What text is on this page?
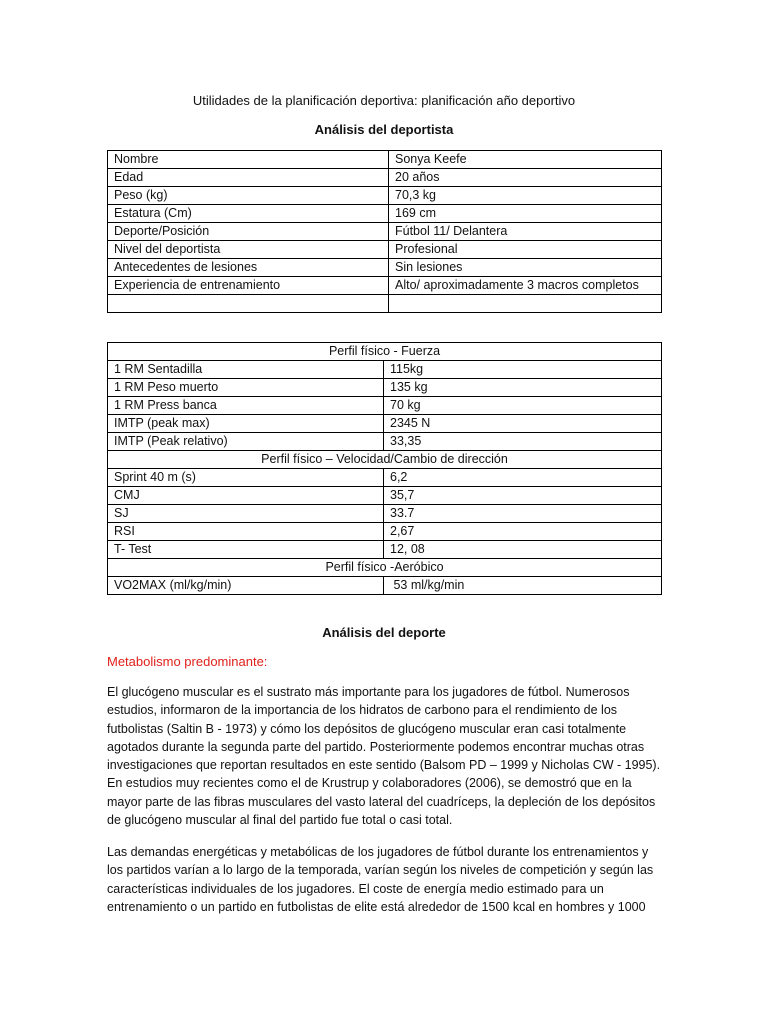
Utilidades de la planificación deportiva: planificación año deportivo
Análisis del deportista
Nombre	Sonya Keefe
Edad	20 años
Peso (kg)	70,3 kg
Estatura (Cm)	169 cm
Deporte/Posición	Fútbol 11/ Delantera
Nivel del deportista	Profesional
Antecedentes de lesiones	Sin lesiones
Experiencia de entrenamiento	Alto/ aproximadamente 3 macros completos

Perfil físico - Fuerza	
1 RM Sentadilla	115kg
1 RM Peso muerto	135 kg
1 RM Press banca	70 kg
IMTP (peak max)	2345 N
IMTP (Peak relativo)	33,35
Perfil físico – Velocidad/Cambio de dirección	
Sprint 40 m (s)	6,2
CMJ	35,7
SJ	33.7
RSI	2,67
T- Test	12, 08
Perfil físico -Aeróbico	
VO2MAX (ml/kg/min)	53 ml/kg/min
Análisis del deporte
Metabolismo predominante:

El glucógeno muscular es el sustrato más importante para los jugadores de fútbol. Numerosos
estudios, informaron de la importancia de los hidratos de carbono para el rendimiento de los
futbolistas (Saltin B - 1973) y cómo los depósitos de glucógeno muscular eran casi totalmente
agotados durante la segunda parte del partido. Posteriormente podemos encontrar muchas otras
investigaciones que reportan resultados en este sentido (Balsom PD – 1999 y Nicholas CW - 1995).
En estudios muy recientes como el de Krustrup y colaboradores (2006), se demostró que en la
mayor parte de las fibras musculares del vasto lateral del cuadríceps, la depleción de los depósitos
de glucógeno muscular al final del partido fue total o casi total.

Las demandas energéticas y metabólicas de los jugadores de fútbol durante los entrenamientos y
los partidos varían a lo largo de la temporada, varían según los niveles de competición y según las
características individuales de los jugadores. El coste de energía medio estimado para un
entrenamiento o un partido en futbolistas de elite está alrededor de 1500 kcal en hombres y 1000
